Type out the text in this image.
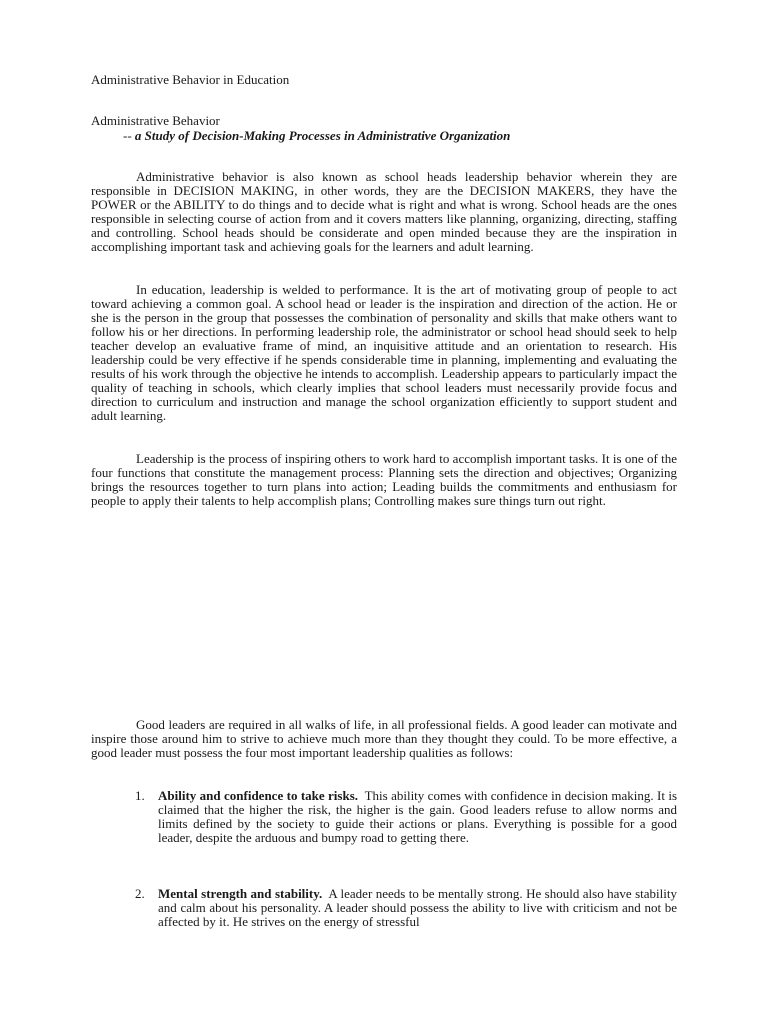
Administrative Behavior in Education
Administrative Behavior
-- a Study of Decision-Making Processes in Administrative Organization

Administrative behavior is also known as school heads leadership behavior wherein they are responsible in DECISION MAKING, in other words, they are the DECISION MAKERS, they have the POWER or the ABILITY to do things and to decide what is right and what is wrong. School heads are the ones responsible in selecting course of action from and it covers matters like planning, organizing, directing, staffing and controlling. School heads should be considerate and open minded because they are the inspiration in accomplishing important task and achieving goals for the learners and adult learning.

In education, leadership is welded to performance. It is the art of motivating group of people to act toward achieving a common goal. A school head or leader is the inspiration and direction of the action. He or she is the person in the group that possesses the combination of personality and skills that make others want to follow his or her directions. In performing leadership role, the administrator or school head should seek to help teacher develop an evaluative frame of mind, an inquisitive attitude and an orientation to research. His leadership could be very effective if he spends considerable time in planning, implementing and evaluating the results of his work through the objective he intends to accomplish. Leadership appears to particularly impact the quality of teaching in schools, which clearly implies that school leaders must necessarily provide focus and direction to curriculum and instruction and manage the school organization efficiently to support student and adult learning.

Leadership is the process of inspiring others to work hard to accomplish important tasks. It is one of the four functions that constitute the management process: Planning sets the direction and objectives; Organizing brings the resources together to turn plans into action; Leading builds the commitments and enthusiasm for people to apply their talents to help accomplish plans; Controlling makes sure things turn out right.

Good leaders are required in all walks of life, in all professional fields. A good leader can motivate and inspire those around him to strive to achieve much more than they thought they could. To be more effective, a good leader must possess the four most important leadership qualities as follows:

1. Ability and confidence to take risks. This ability comes with confidence in decision making. It is claimed that the higher the risk, the higher is the gain. Good leaders refuse to allow norms and limits defined by the society to guide their actions or plans. Everything is possible for a good leader, despite the arduous and bumpy road to getting there.
2. Mental strength and stability. A leader needs to be mentally strong. He should also have stability and calm about his personality. A leader should possess the ability to live with criticism and not be affected by it. He strives on the energy of stressful
